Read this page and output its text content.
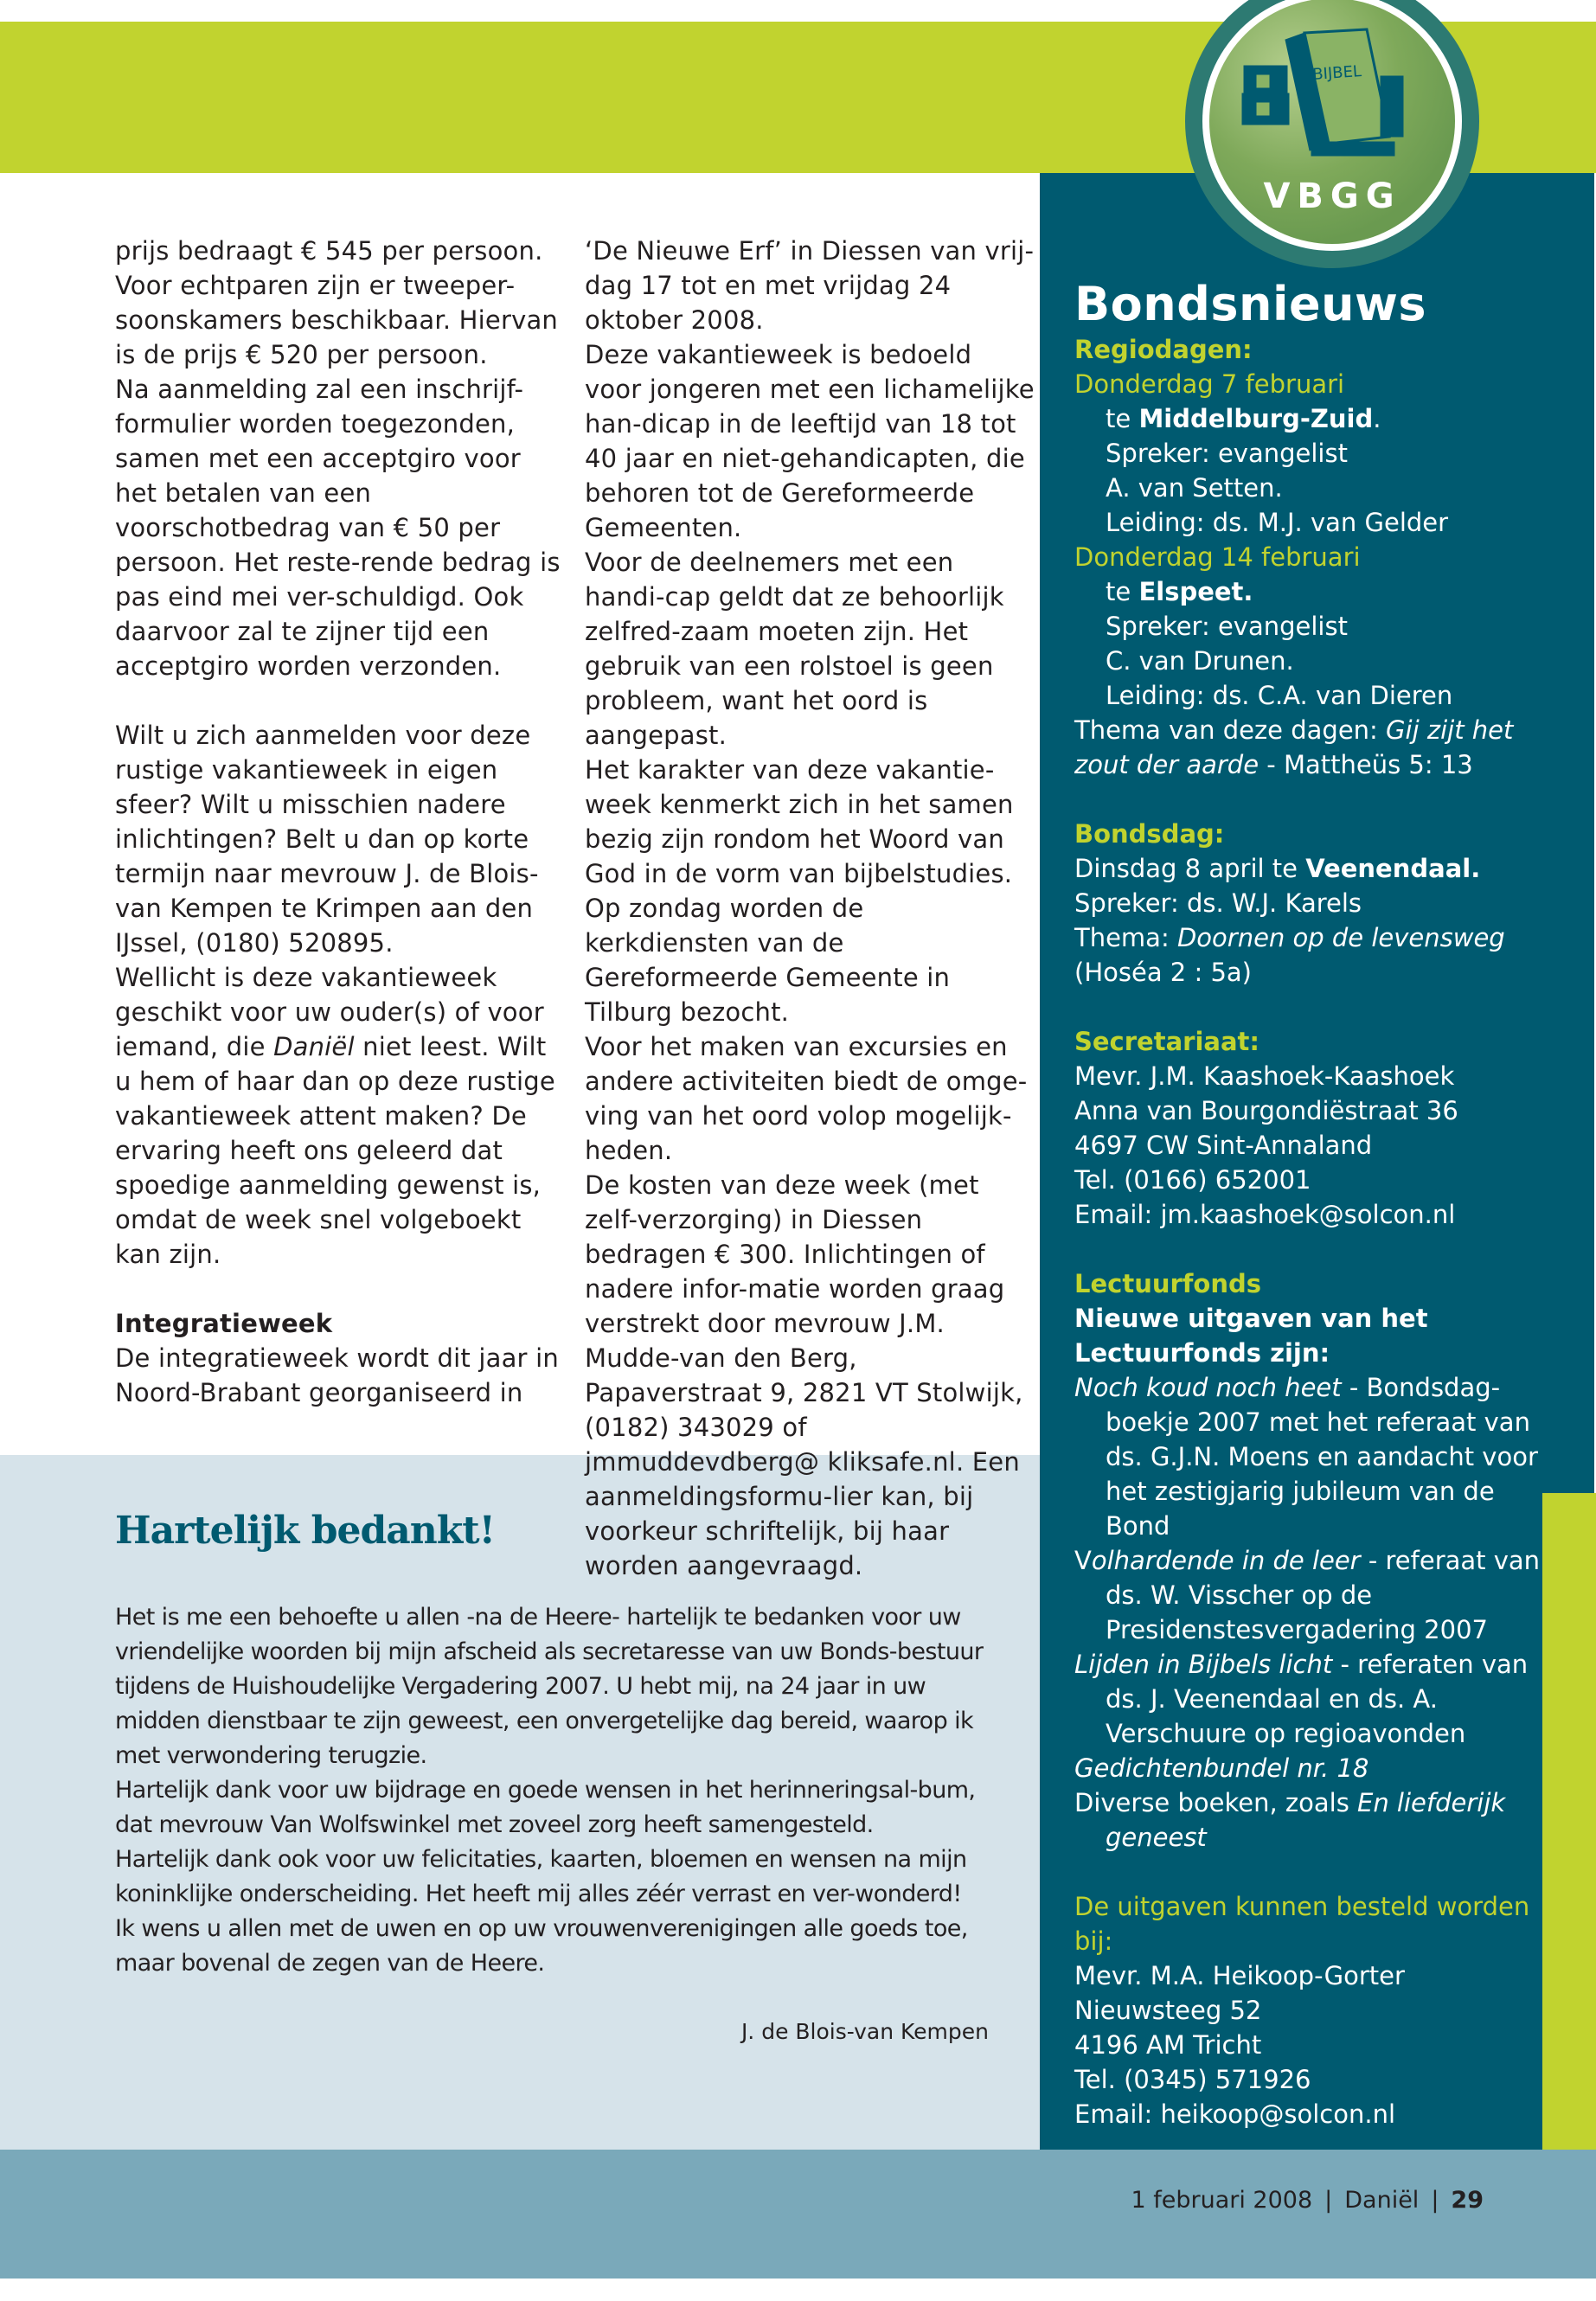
BIJBEL
VBGG

prijs bedraagt € 545 per persoon. Voor echtparen zijn er tweeper-soonskamers beschikbaar. Hiervan is de prijs € 520 per persoon.

Na aanmelding zal een inschrijf-formulier worden toegezonden, samen met een acceptgiro voor het betalen van een voorschotbedrag van € 50 per persoon. Het reste-rende bedrag is pas eind mei ver-schuldigd. Ook daarvoor zal te zijner tijd een acceptgiro worden verzonden.

Wilt u zich aanmelden voor deze rustige vakantieweek in eigen sfeer? Wilt u misschien nadere inlichtingen? Belt u dan op korte termijn naar mevrouw J. de Blois-van Kempen te Krimpen aan den IJssel, (0180) 520895.

Wellicht is deze vakantieweek geschikt voor uw ouder(s) of voor iemand, die Daniël niet leest. Wilt u hem of haar dan op deze rustige vakantieweek attent maken? De ervaring heeft ons geleerd dat spoedige aanmelding gewenst is, omdat de week snel volgeboekt kan zijn.

Integratieweek

De integratieweek wordt dit jaar in Noord-Brabant georganiseerd in

‘De Nieuwe Erf’ in Diessen van vrij-dag 17 tot en met vrijdag 24 oktober 2008.

Deze vakantieweek is bedoeld voor jongeren met een lichamelijke han-dicap in de leeftijd van 18 tot 40 jaar en niet-gehandicapten, die behoren tot de Gereformeerde Gemeenten.

Voor de deelnemers met een handi-cap geldt dat ze behoorlijk zelfred-zaam moeten zijn. Het gebruik van een rolstoel is geen probleem, want het oord is aangepast.

Het karakter van deze vakantie-week kenmerkt zich in het samen bezig zijn rondom het Woord van God in de vorm van bijbelstudies.

Op zondag worden de kerkdiensten van de Gereformeerde Gemeente in Tilburg bezocht.

Voor het maken van excursies en andere activiteiten biedt de omge-ving van het oord volop mogelijk-heden.

De kosten van deze week (met zelf-verzorging) in Diessen bedragen € 300. Inlichtingen of nadere infor-matie worden graag verstrekt door mevrouw J.M. Mudde-van den Berg, Papaverstraat 9, 2821 VT Stolwijk, (0182) 343029 of jmmuddevdberg@ kliksafe.nl. Een aanmeldingsformu-lier kan, bij voorkeur schriftelijk, bij haar worden aangevraagd.

Bondsnieuws

Regiodagen:

Donderdag 7 februari

te Middelburg-Zuid.

Spreker: evangelist

A. van Setten.

Leiding: ds. M.J. van Gelder

Donderdag 14 februari

te Elspeet.

Spreker: evangelist

C. van Drunen.

Leiding: ds. C.A. van Dieren

Thema van deze dagen: Gij zijt het zout der aarde - Mattheüs 5: 13

Bondsdag:

Dinsdag 8 april te Veenendaal.

Spreker: ds. W.J. Karels

Thema: Doornen op de levensweg

(Hoséa 2 : 5a)

Secretariaat:

Mevr. J.M. Kaashoek-Kaashoek

Anna van Bourgondiëstraat 36

4697 CW Sint-Annaland

Tel. (0166) 652001

Email: jm.kaashoek@solcon.nl

Lectuurfonds

Nieuwe uitgaven van het Lectuurfonds zijn:

Noch koud noch heet - Bondsdag-boekje 2007 met het referaat van ds. G.J.N. Moens en aandacht voor het zestigjarig jubileum van de Bond

Volhardende in de leer - referaat van ds. W. Visscher op de Presidenstesvergadering 2007

Lijden in Bijbels licht - referaten van ds. J. Veenendaal en ds. A. Verschuure op regioavonden

Gedichtenbundel nr. 18

Diverse boeken, zoals En liefderijk geneest

De uitgaven kunnen besteld worden bij:

Mevr. M.A. Heikoop-Gorter

Nieuwsteeg 52

4196 AM Tricht

Tel. (0345) 571926

Email: heikoop@solcon.nl

Hartelijk bedankt!

Het is me een behoefte u allen -na de Heere- hartelijk te bedanken voor uw vriendelijke woorden bij mijn afscheid als secretaresse van uw Bonds-bestuur tijdens de Huishoudelijke Vergadering 2007. U hebt mij, na 24 jaar in uw midden dienstbaar te zijn geweest, een onvergetelijke dag bereid, waarop ik met verwondering terugzie.

Hartelijk dank voor uw bijdrage en goede wensen in het herinneringsal-bum, dat mevrouw Van Wolfswinkel met zoveel zorg heeft samengesteld.

Hartelijk dank ook voor uw felicitaties, kaarten, bloemen en wensen na mijn koninklijke onderscheiding. Het heeft mij alles zéér verrast en ver-wonderd!

Ik wens u allen met de uwen en op uw vrouwenverenigingen alle goeds toe, maar bovenal de zegen van de Heere.

J. de Blois-van Kempen
1 februari 2008 | Daniël | 29
